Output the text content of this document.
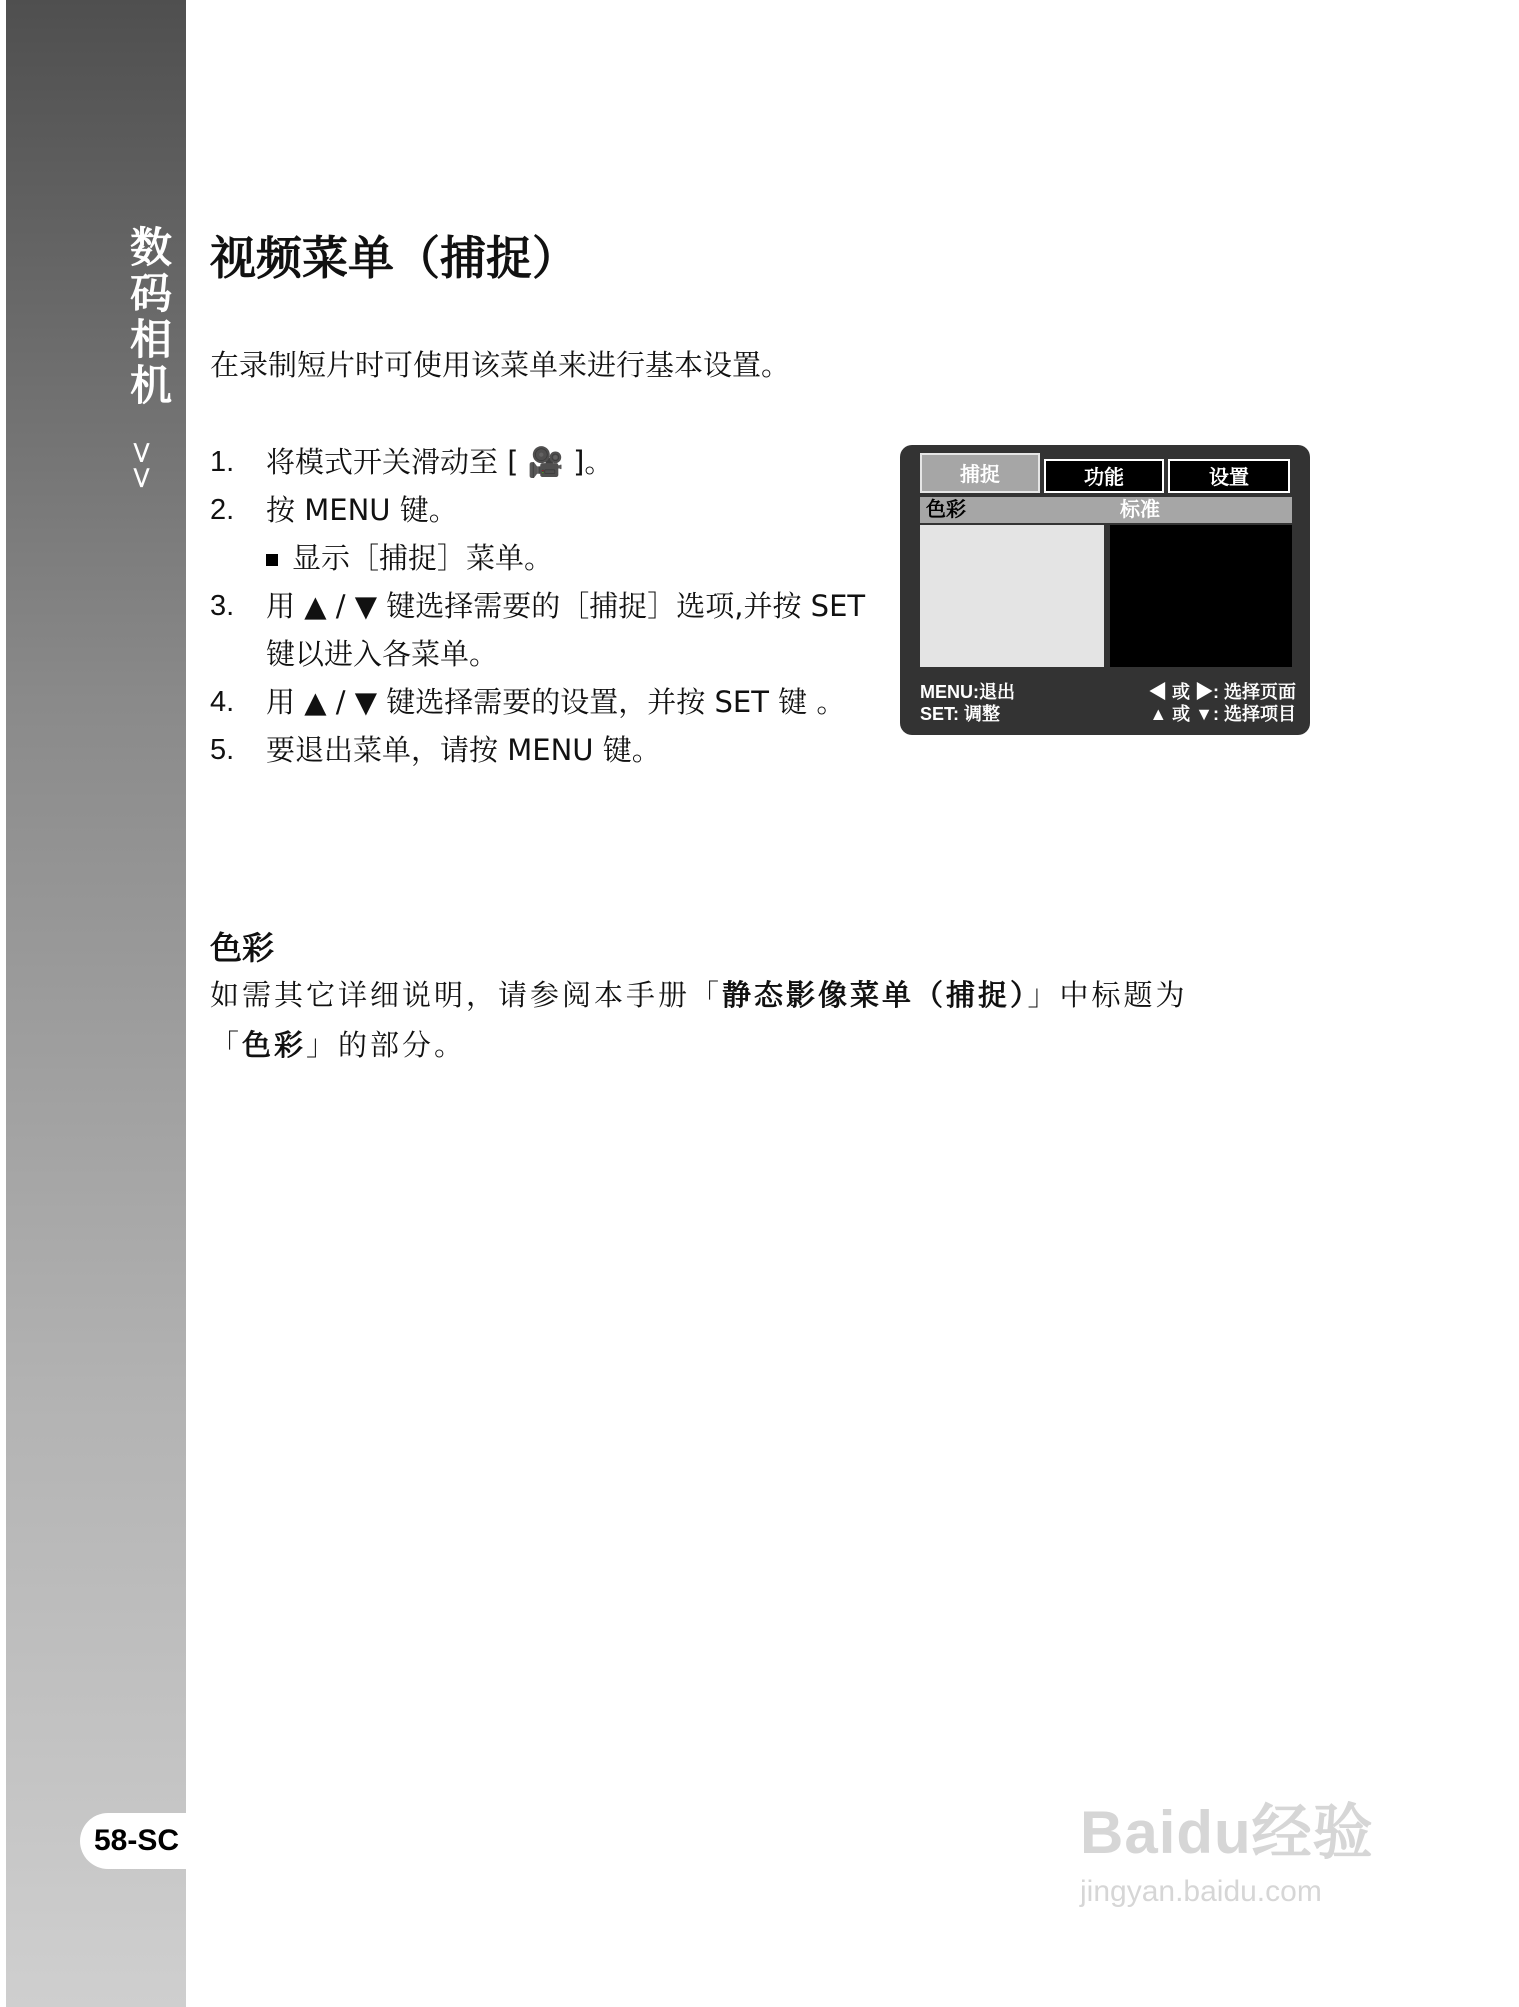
数码相机
>>
58-SC
视频菜单（捕捉）

在录制短片时可使用该菜单来进行基本设置。

1.	将模式开关滑动至 [ 🎥 ]。
2.	按 MENU 键。
显示［捕捉］菜单。
3.	用 ▲ / ▼ 键选择需要的［捕捉］选项,并按 SET 键以进入各菜单。
4.	用 ▲ / ▼ 键选择需要的设置，并按 SET 键 。
5.	要退出菜单，请按 MENU 键。
色彩

如需其它详细说明，请参阅本手册「静态影像菜单（捕捉）」中标题为
「色彩」的部分。

捕捉	功能	设置
色彩	标准
MENU:退出
SET: 调整
◀ 或 ▶: 选择页面
▲ 或 ▼: 选择项目
Baidu经验
jingyan.baidu.com
